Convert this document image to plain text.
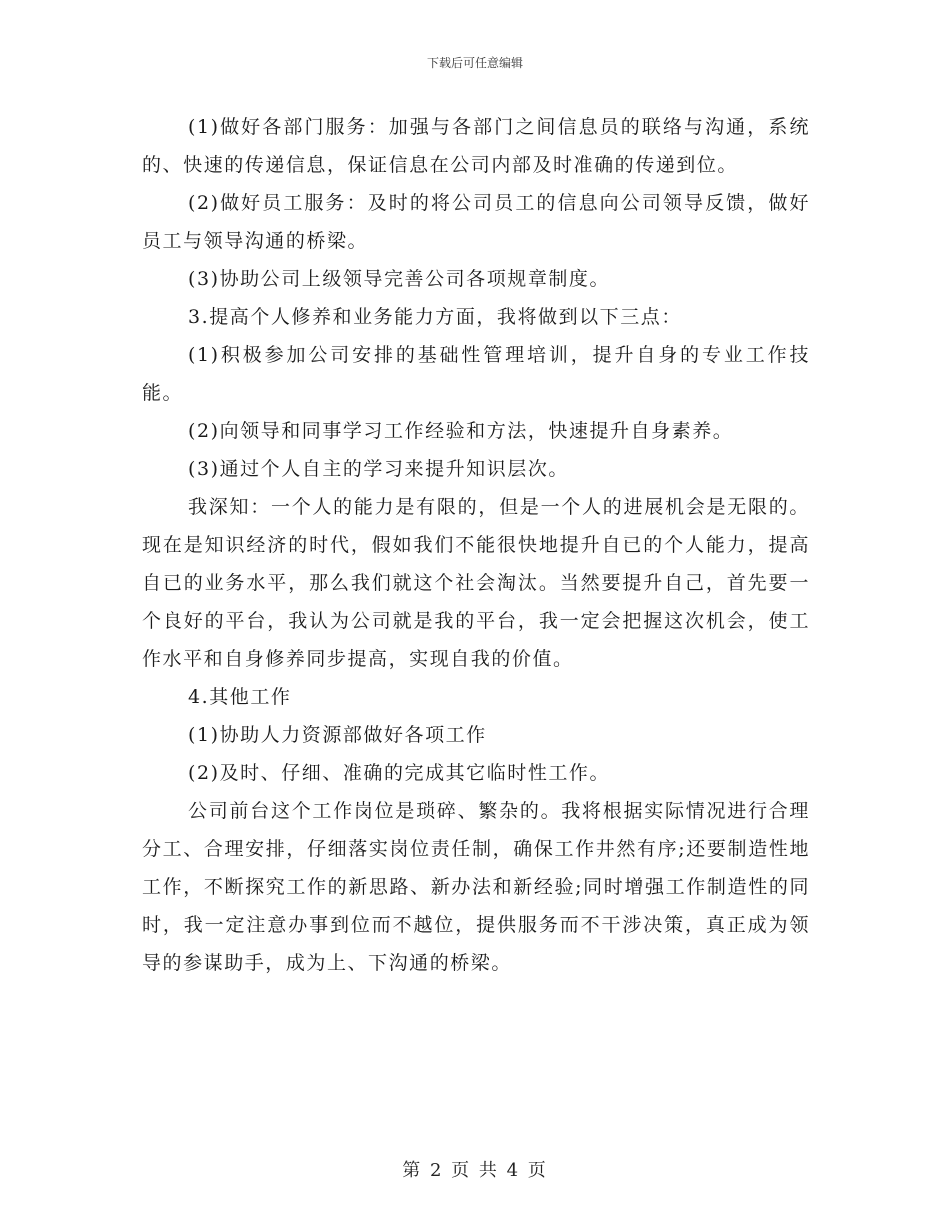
下载后可任意编辑

(1)做好各部门服务：加强与各部门之间信息员的联络与沟通，系统的、快速的传递信息，保证信息在公司内部及时准确的传递到位。

(2)做好员工服务：及时的将公司员工的信息向公司领导反馈，做好员工与领导沟通的桥梁。

(3)协助公司上级领导完善公司各项规章制度。

3.提高个人修养和业务能力方面，我将做到以下三点：

(1)积极参加公司安排的基础性管理培训，提升自身的专业工作技能。

(2)向领导和同事学习工作经验和方法，快速提升自身素养。

(3)通过个人自主的学习来提升知识层次。

我深知：一个人的能力是有限的，但是一个人的进展机会是无限的。现在是知识经济的时代，假如我们不能很快地提升自已的个人能力，提高自已的业务水平，那么我们就这个社会淘汰。当然要提升自己，首先要一个良好的平台，我认为公司就是我的平台，我一定会把握这次机会，使工作水平和自身修养同步提高，实现自我的价值。

4.其他工作

(1)协助人力资源部做好各项工作

(2)及时、仔细、准确的完成其它临时性工作。

公司前台这个工作岗位是琐碎、繁杂的。我将根据实际情况进行合理分工、合理安排，仔细落实岗位责任制，确保工作井然有序;还要制造性地工作，不断探究工作的新思路、新办法和新经验;同时增强工作制造性的同时，我一定注意办事到位而不越位，提供服务而不干涉决策，真正成为领导的参谋助手，成为上、下沟通的桥梁。

第 2 页 共 4 页
